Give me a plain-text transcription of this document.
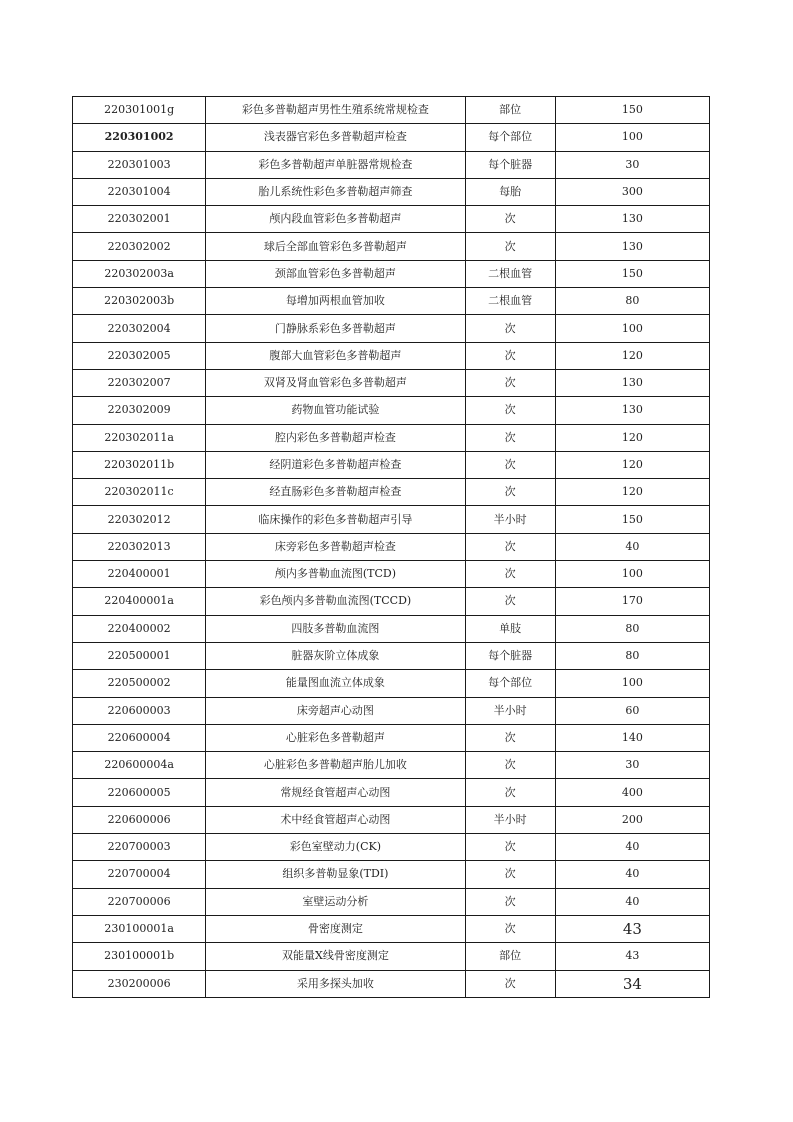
220301001g	彩色多普勒超声男性生殖系统常规检查	部位	150
220301002	浅表器官彩色多普勒超声检查	每个部位	100
220301003	彩色多普勒超声单脏器常规检查	每个脏器	30
220301004	胎儿系统性彩色多普勒超声筛查	每胎	300
220302001	颅内段血管彩色多普勒超声	次	130
220302002	球后全部血管彩色多普勒超声	次	130
220302003a	颈部血管彩色多普勒超声	二根血管	150
220302003b	每增加两根血管加收	二根血管	80
220302004	门静脉系彩色多普勒超声	次	100
220302005	腹部大血管彩色多普勒超声	次	120
220302007	双肾及肾血管彩色多普勒超声	次	130
220302009	药物血管功能试验	次	130
220302011a	腔内彩色多普勒超声检查	次	120
220302011b	经阴道彩色多普勒超声检查	次	120
220302011c	经直肠彩色多普勒超声检查	次	120
220302012	临床操作的彩色多普勒超声引导	半小时	150
220302013	床旁彩色多普勒超声检查	次	40
220400001	颅内多普勒血流图(TCD)	次	100
220400001a	彩色颅内多普勒血流图(TCCD)	次	170
220400002	四肢多普勒血流图	单肢	80
220500001	脏器灰阶立体成象	每个脏器	80
220500002	能量图血流立体成象	每个部位	100
220600003	床旁超声心动图	半小时	60
220600004	心脏彩色多普勒超声	次	140
220600004a	心脏彩色多普勒超声胎儿加收	次	30
220600005	常规经食管超声心动图	次	400
220600006	术中经食管超声心动图	半小时	200
220700003	彩色室壁动力(CK)	次	40
220700004	组织多普勒显象(TDI)	次	40
220700006	室壁运动分析	次	40
230100001a	骨密度测定	次	43
230100001b	双能量X线骨密度测定	部位	43
230200006	采用多探头加收	次	34
